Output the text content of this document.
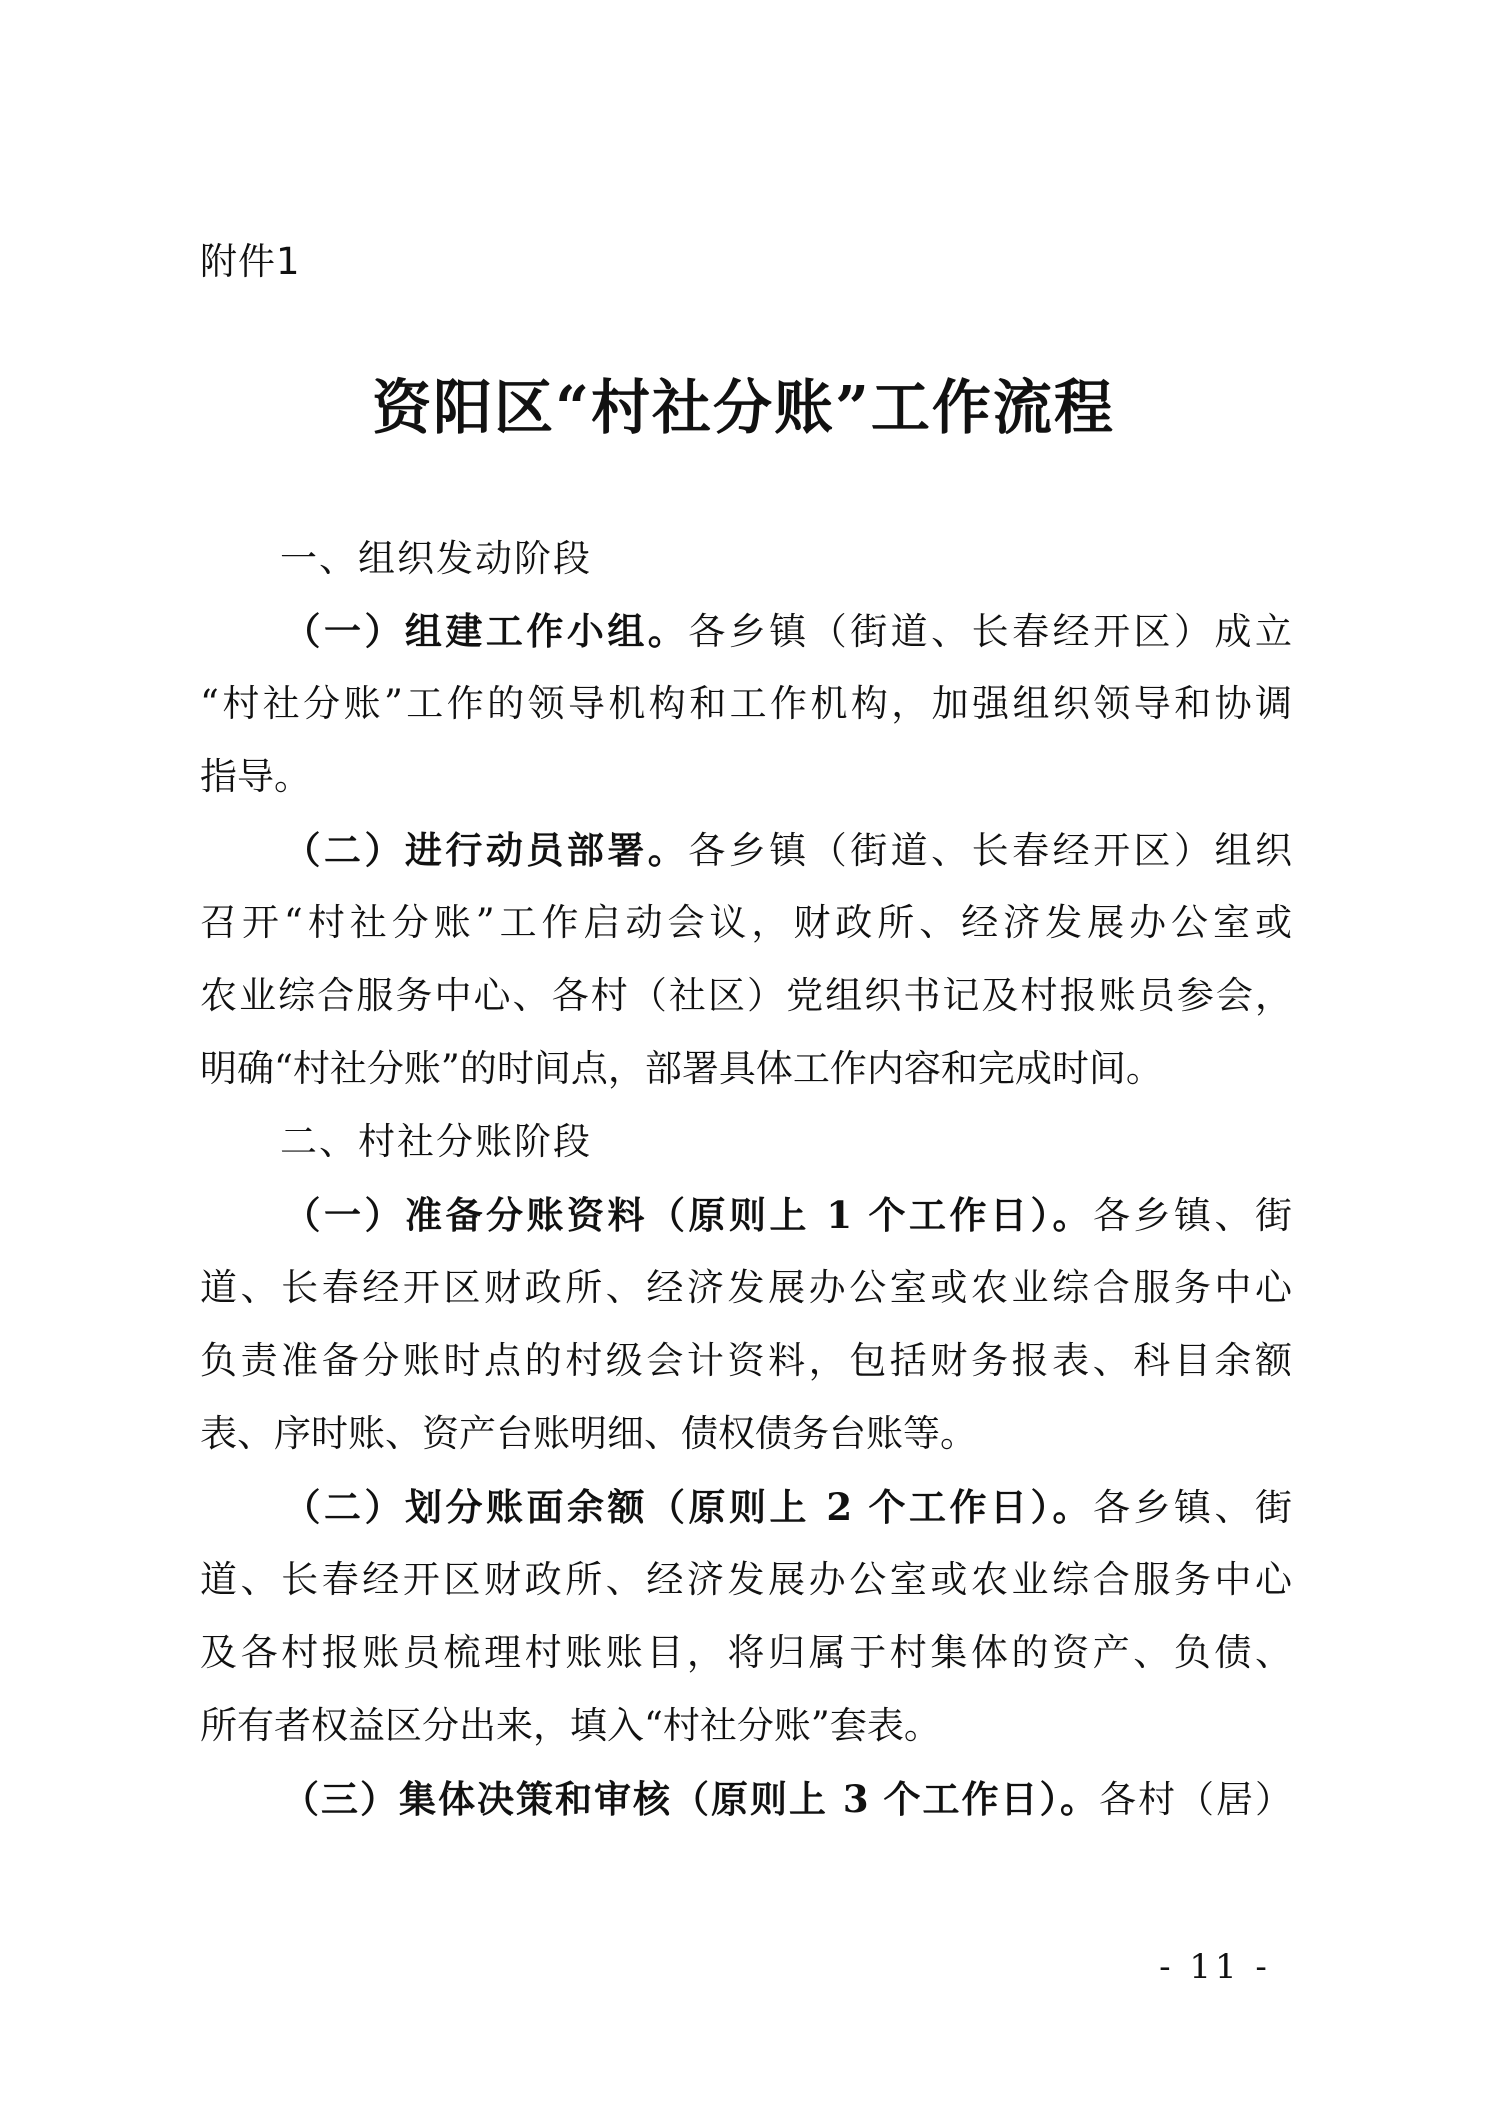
附件1
资阳区“村社分账”工作流程
一、组织发动阶段
（一）组建工作小组。各乡镇（街道、长春经开区）成立
“村社分账”工作的领导机构和工作机构，加强组织领导和协调
指导。
（二）进行动员部署。各乡镇（街道、长春经开区）组织
召开“村社分账”工作启动会议，财政所、经济发展办公室或
农业综合服务中心、各村（社区）党组织书记及村报账员参会，
明确“村社分账”的时间点，部署具体工作内容和完成时间。
二、村社分账阶段
（一）准备分账资料（原则上 1 个工作日）。各乡镇、街
道、长春经开区财政所、经济发展办公室或农业综合服务中心
负责准备分账时点的村级会计资料，包括财务报表、科目余额
表、序时账、资产台账明细、债权债务台账等。
（二）划分账面余额（原则上 2 个工作日）。各乡镇、街
道、长春经开区财政所、经济发展办公室或农业综合服务中心
及各村报账员梳理村账账目，将归属于村集体的资产、负债、
所有者权益区分出来，填入“村社分账”套表。
（三）集体决策和审核（原则上 3 个工作日）。各村（居）
- 11 -
